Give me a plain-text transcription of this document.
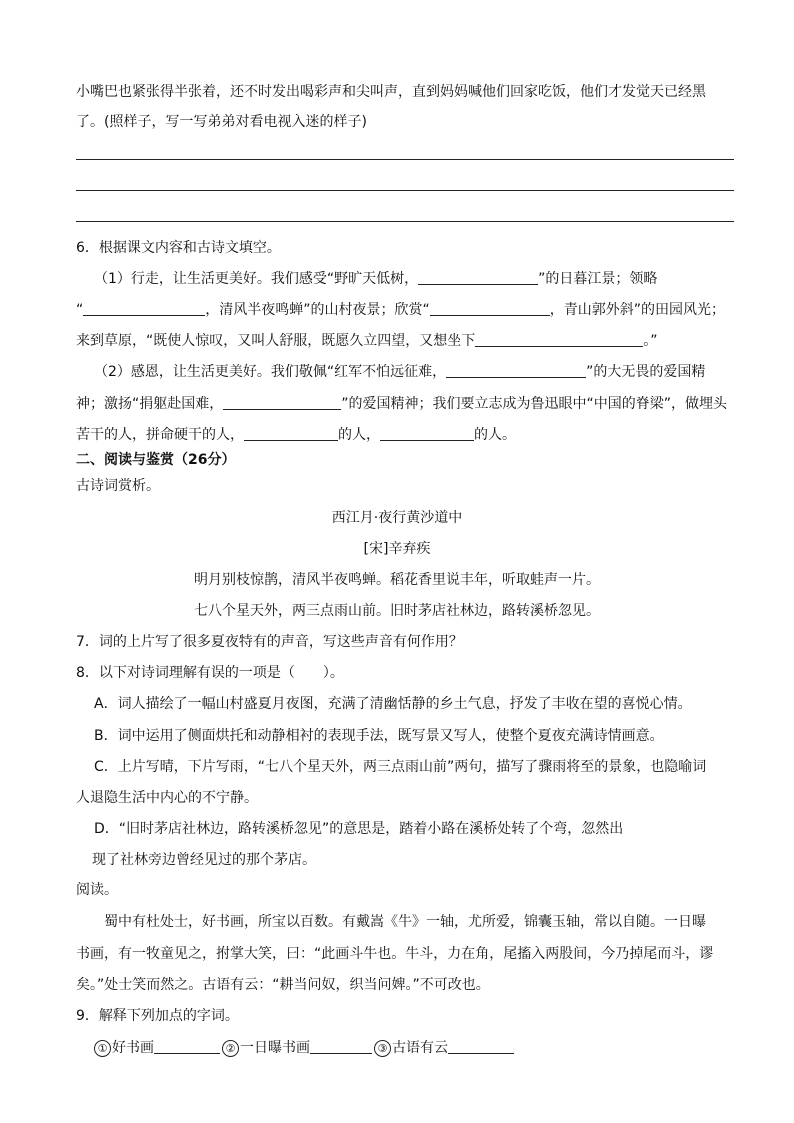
小嘴巴也紧张得半张着，还不时发出喝彩声和尖叫声，直到妈妈喊他们回家吃饭，他们才发觉天已经黑
了。(照样子，写一写弟弟对看电视入迷的样子)
6．根据课文内容和古诗文填空。
（1）行走，让生活更美好。我们感受“野旷天低树，	”的日暮江景；领略
“	，清风半夜鸣蝉”的山村夜景；欣赏“	，青山郭外斜”的田园风光；
来到草原，“既使人惊叹，又叫人舒服，既愿久立四望，又想坐下	。”
（2）感恩，让生活更美好。我们敬佩“红军不怕远征难，	”的大无畏的爱国精
神；激扬“捐躯赴国难，	”的爱国精神；我们要立志成为鲁迅眼中“中国的脊梁”，做埋头
苦干的人，拼命硬干的人，	的人，	的人。
二、阅读与鉴赏（26分）
古诗词赏析。
西江月·夜行黄沙道中
[宋]辛弃疾
明月别枝惊鹊，清风半夜鸣蝉。稻花香里说丰年，听取蛙声一片。
七八个星天外，两三点雨山前。旧时茅店社林边，路转溪桥忽见。
7．词的上片写了很多夏夜特有的声音，写这些声音有何作用？
8．以下对诗词理解有误的一项是（　　）。
A．词人描绘了一幅山村盛夏月夜图，充满了清幽恬静的乡土气息，抒发了丰收在望的喜悦心情。
B．词中运用了侧面烘托和动静相衬的表现手法，既写景又写人，使整个夏夜充满诗情画意。
C．上片写晴，下片写雨，“七八个星天外，两三点雨山前”两句，描写了骤雨将至的景象，也隐喻词
人退隐生活中内心的不宁静。
D．“旧时茅店社林边，路转溪桥忽见”的意思是，踏着小路在溪桥处转了个弯，忽然出
现了社林旁边曾经见过的那个茅店。
阅读。
蜀中有杜处士，好书画，所宝以百数。有戴嵩《牛》一轴，尤所爱，锦囊玉轴，常以自随。一日曝
书画，有一牧童见之，拊掌大笑，曰：“此画斗牛也。牛斗，力在角，尾搐入两股间，今乃掉尾而斗，谬
矣。”处士笑而然之。古语有云：“耕当问奴，织当问婢。”不可改也。
9．解释下列加点的字词。
① 好书画	② 一日曝书画	③ 古语有云
